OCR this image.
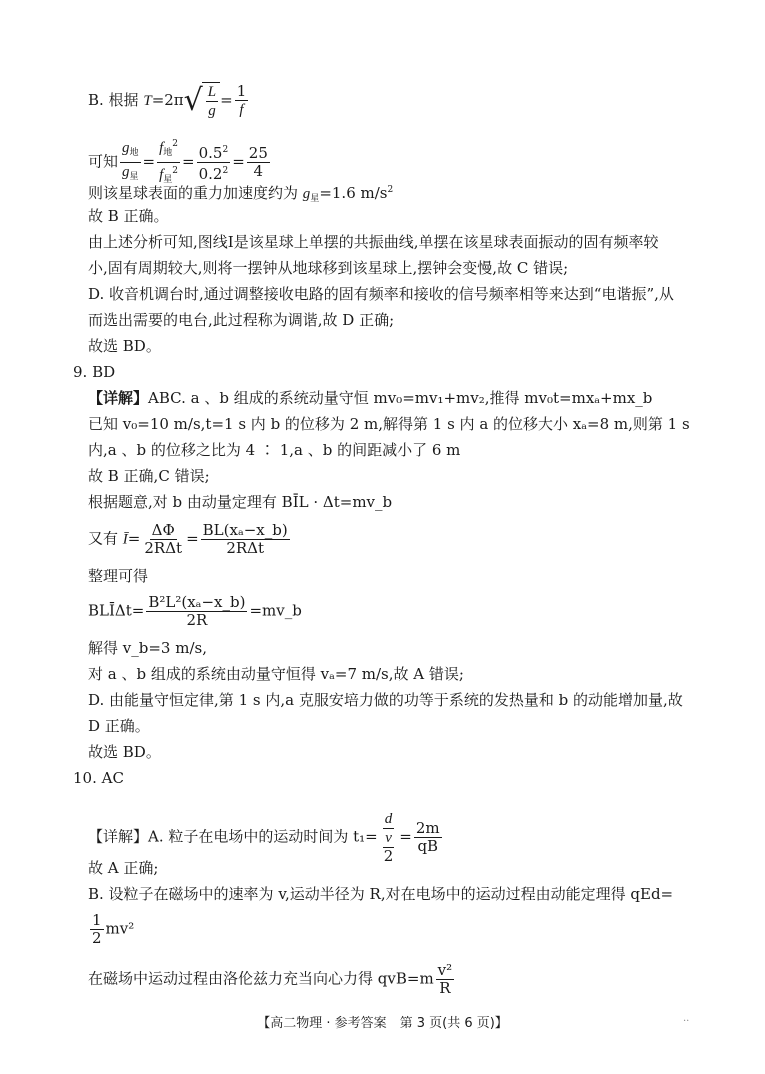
B. 根据 T=2π √ $\frac{L}{g} = \frac{1}{f}$
可知 $\frac{g_地}{g_星} = \frac{f_地^2}{f_星^2} = \frac{0.5^2}{0.2^2} = \frac{25}{4}$
则该星球表面的重力加速度约为 $g_星=1.6$ $m/s^2$
故 B 正确。
由上述分析可知,图线Ⅰ是该星球上单摆的共振曲线,单摆在该星球表面振动的固有频率较
小,固有周期较大,则将一摆钟从地球移到该星球上,摆钟会变慢,故 C 错误;
D. 收音机调台时,通过调整接收电路的固有频率和接收的信号频率相等来达到“电谐振”,从
而选出需要的电台,此过程称为调谐,故 D 正确;
故选 BD。
9. BD
【详解】ABC. a 、b 组成的系统动量守恒 mv₀=mv₁+mv₂,推得 mv₀t=mxₐ+mx_b
已知 v₀=10 m/s,t=1 s 内 b 的位移为 2 m,解得第 1 s 内 a 的位移大小 xₐ=8 m,则第 1 s
内,a 、b 的位移之比为 4 ∶ 1,a 、b 的间距减小了 6 m
故 B 正确,C 错误;
根据题意,对 b 由动量定理有 BĪL · Δt=mv_b
又有 Ī= $\frac{\Delta\Phi}{\text{2RΔt}} = \frac{\text{BL(xₐ−x\_b)}}{\text{2RΔt}}$
整理可得
BLĪΔt= $\frac{\text{B²L²(xₐ−x\_b)}}{2R}$ =mv_b
解得 v_b=3 m/s,
对 a 、b 组成的系统由动量守恒得 vₐ=7 m/s,故 A 错误;
D. 由能量守恒定律,第 1 s 内,a 克服安培力做的功等于系统的发热量和 b 的动能增加量,故
D 正确。
故选 BD。
10. AC
【详解】A. 粒子在电场中的运动时间为 $t_1= \frac{d}{\frac{v}{2}} = \frac{2m}{qB}$
故 A 正确;
B. 设粒子在磁场中的速率为 v,运动半径为 R,对在电场中的运动过程由动能定理得 qEd=
$\frac{1}{2} mv^2$
在磁场中运动过程由洛伦兹力充当向心力得 $qvB=m \frac{\text{v²}}{R}$
【高二物理 · 参考答案　第 3 页(共 6 页)】	..
